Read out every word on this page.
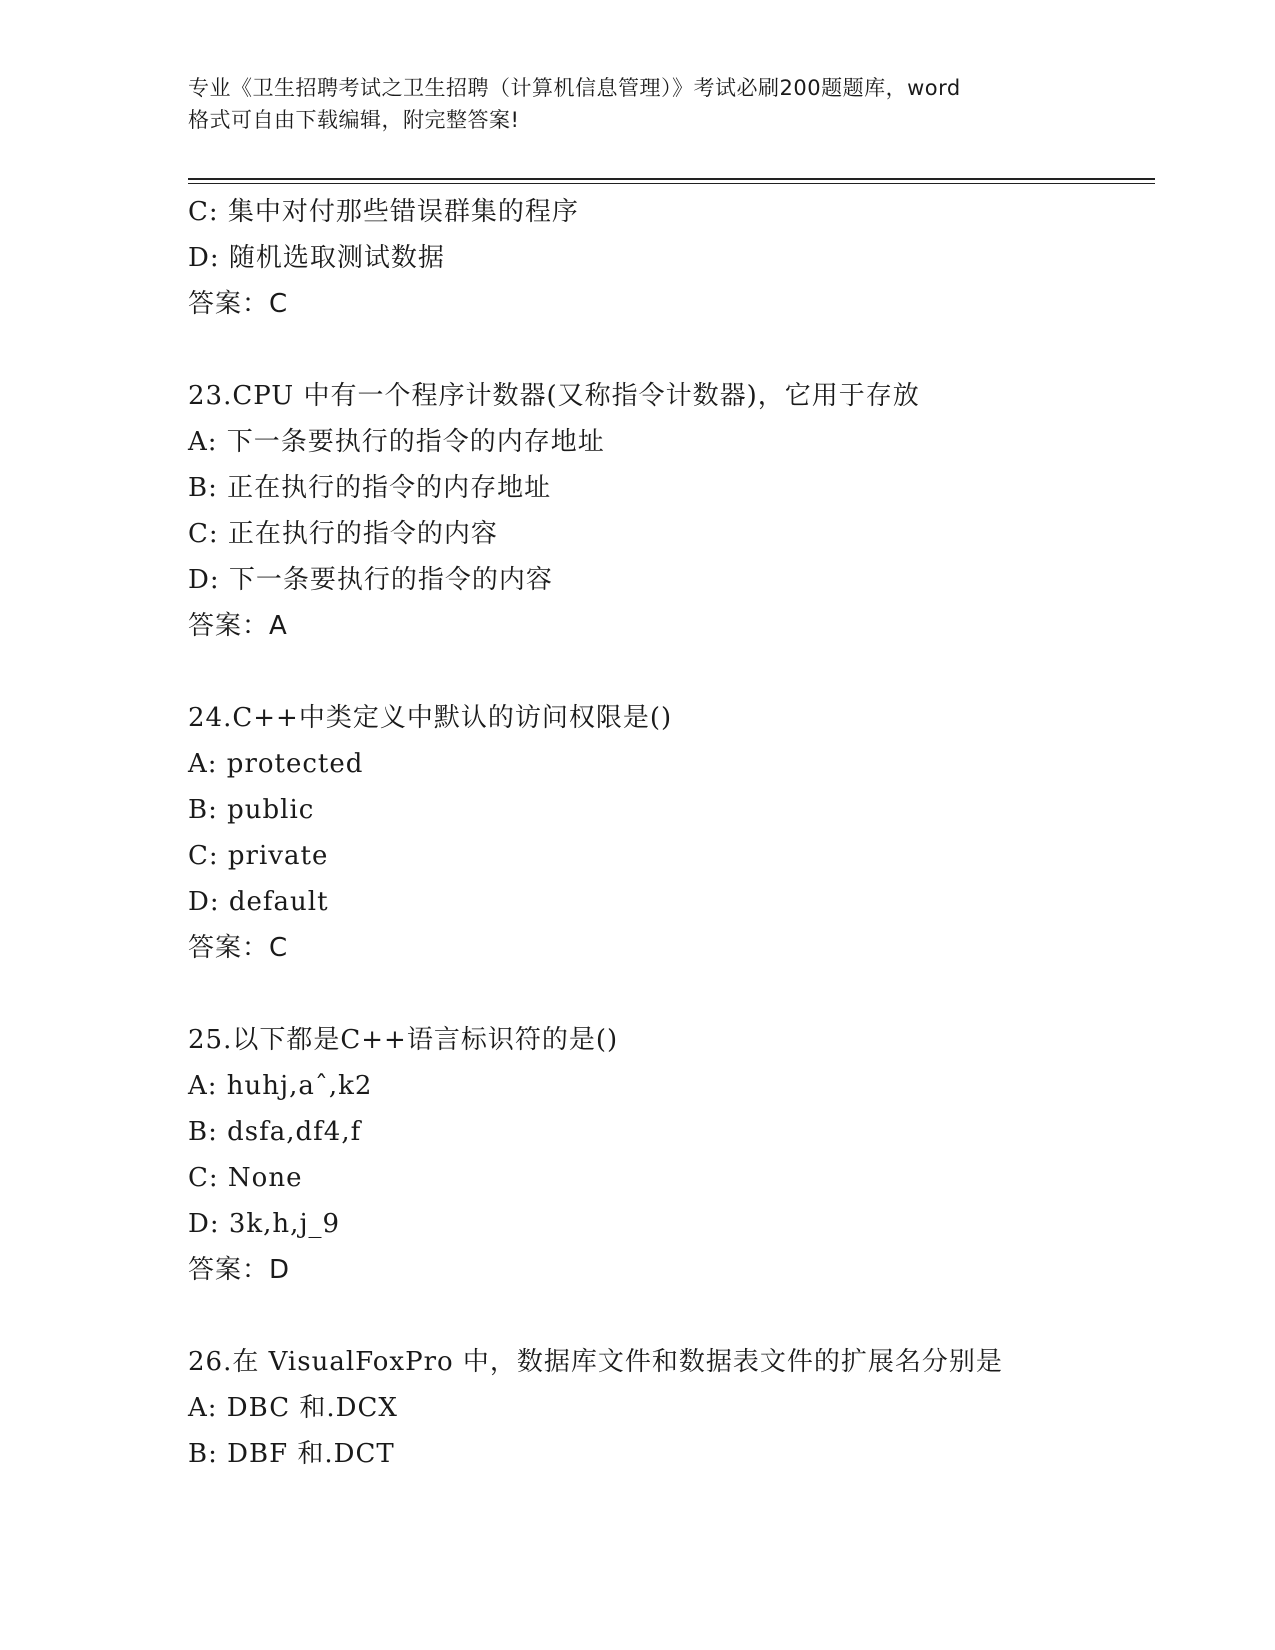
专业《卫生招聘考试之卫生招聘（计算机信息管理）》考试必刷200题题库，word
格式可自由下载编辑，附完整答案!
C: 集中对付那些错误群集的程序
D: 随机选取测试数据
答案：C
23.CPU 中有一个程序计数器(又称指令计数器)，它用于存放
A: 下一条要执行的指令的内存地址
B: 正在执行的指令的内存地址
C: 正在执行的指令的内容
D: 下一条要执行的指令的内容
答案：A
24.C++中类定义中默认的访问权限是()
A: protected
B: public
C: private
D: default
答案：C
25.以下都是C++语言标识符的是()
A: huhj,aˆ,k2
B: dsfa,df4,f
C: None
D: 3k,h,j_9
答案：D
26.在 VisualFoxPro 中，数据库文件和数据表文件的扩展名分别是
A: DBC 和.DCX
B: DBF 和.DCT
